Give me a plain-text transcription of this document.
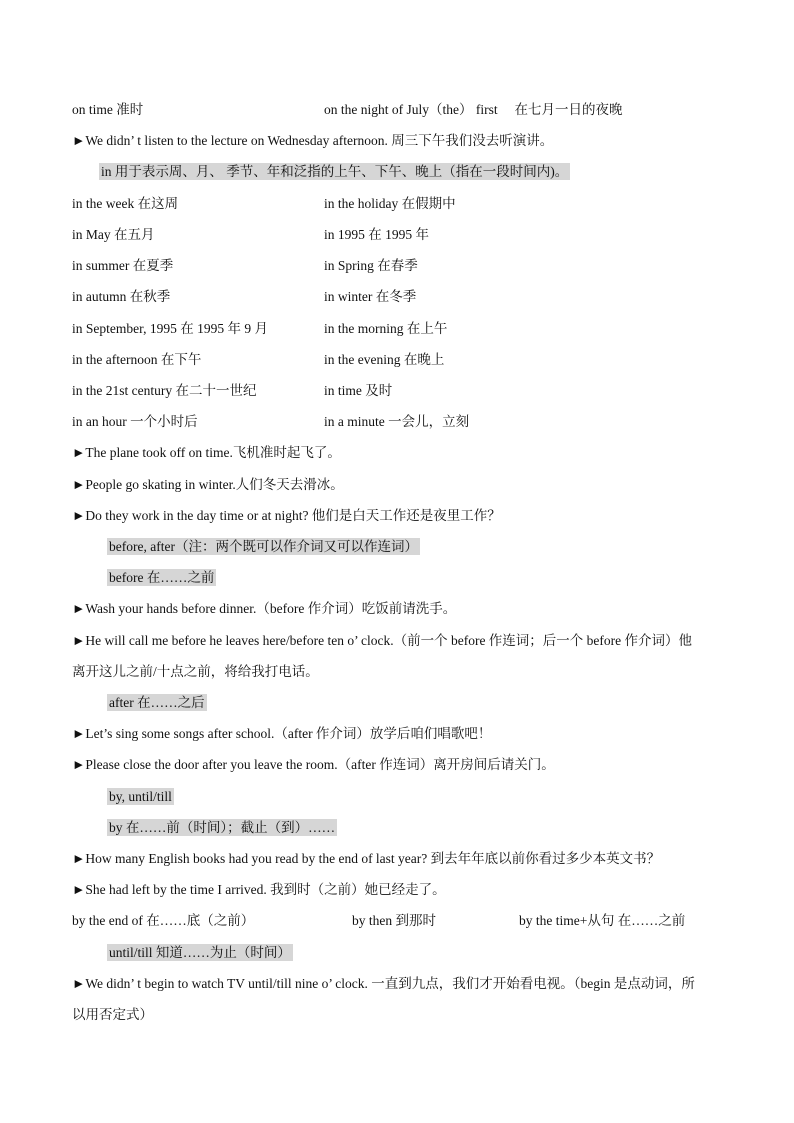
on time 准时	on the night of July（the） first　 在七月一日的夜晚
►We didn’ t listen to the lecture on Wednesday afternoon. 周三下午我们没去听演讲。
in 用于表示周、月、 季节、年和泛指的上午、下午、晚上（指在一段时间内)。
in the week 在这周	in the holiday 在假期中
in May 在五月	in 1995 在 1995 年
in summer 在夏季	in Spring 在春季
in autumn 在秋季	in winter 在冬季
in September, 1995 在 1995 年 9 月	in the morning 在上午
in the afternoon 在下午	in the evening 在晚上
in the 21st century 在二十一世纪	in time 及时
in an hour 一个小时后	in a minute 一会儿，立刻
►The plane took off on time.飞机准时起飞了。
►People go skating in winter.人们冬天去滑冰。
►Do they work in the day time or at night? 他们是白天工作还是夜里工作？
before, after（注：两个既可以作介词又可以作连词）
before 在……之前
►Wash your hands before dinner.（before 作介词）吃饭前请洗手。
►He will call me before he leaves here/before ten o’ clock.（前一个 before 作连词；后一个 before 作介词）他
离开这儿之前/十点之前，将给我打电话。
after 在……之后
►Let’s sing some songs after school.（after 作介词）放学后咱们唱歌吧！
►Please close the door after you leave the room.（after 作连词）离开房间后请关门。
by, until/till
by 在……前（时间）；截止（到）……
►How many English books had you read by the end of last year? 到去年年底以前你看过多少本英文书？
►She had left by the time I arrived. 我到时（之前）她已经走了。
by the end of 在……底（之前）	by then 到那时	by the time+从句 在……之前
until/till 知道……为止（时间）
►We didn’ t begin to watch TV until/till nine o’ clock. 一直到九点，我们才开始看电视。（begin 是点动词，所
以用否定式）
